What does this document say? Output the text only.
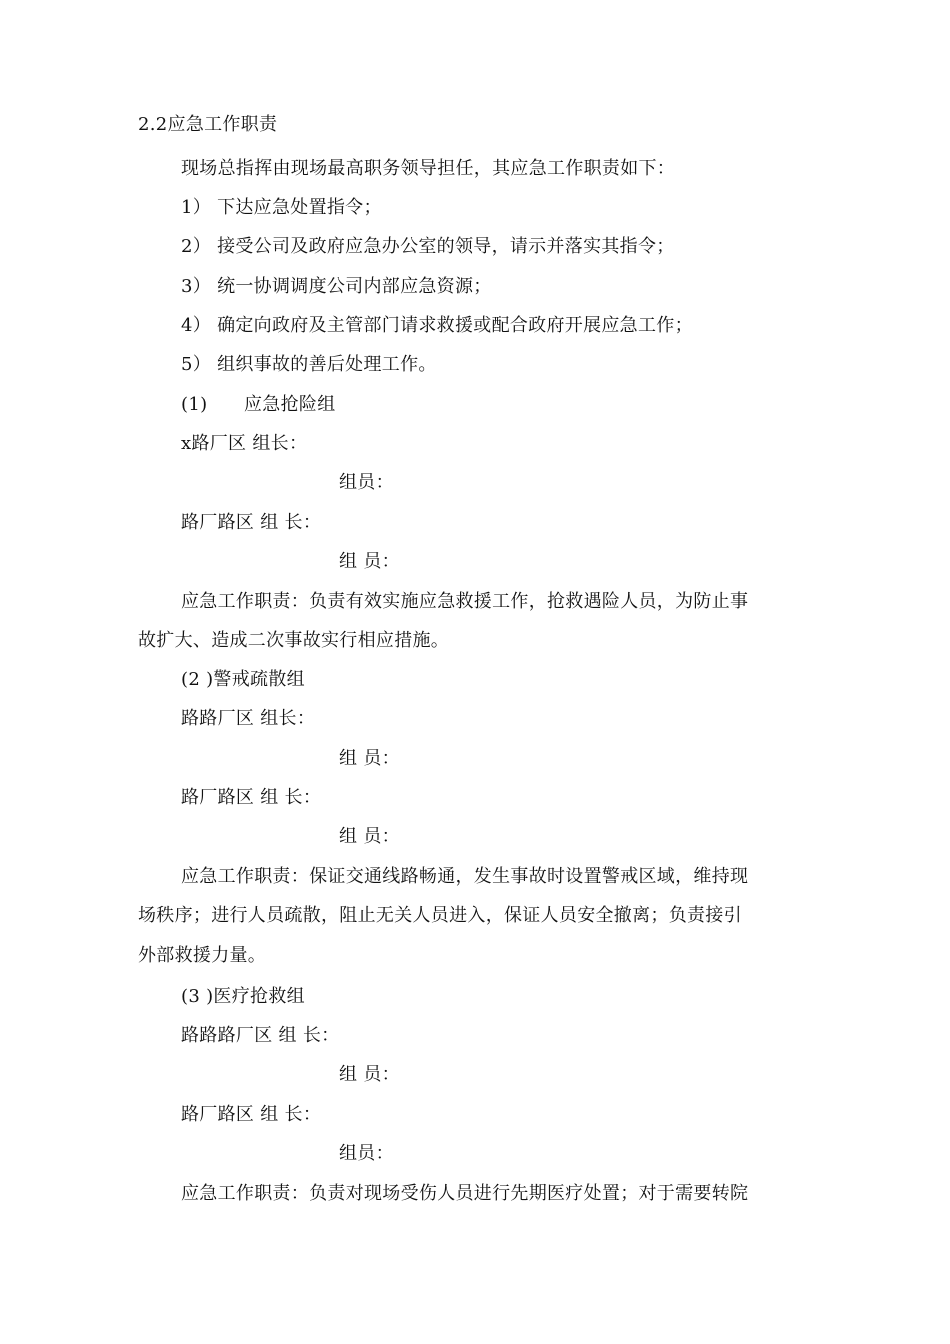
2.2应急工作职责
现场总指挥由现场最高职务领导担任，其应急工作职责如下：
1） 下达应急处置指令；
2） 接受公司及政府应急办公室的领导，请示并落实其指令；
3） 统一协调调度公司内部应急资源；
4） 确定向政府及主管部门请求救援或配合政府开展应急工作；
5） 组织事故的善后处理工作。
(1)　　应急抢险组
x路厂区 组长：
组员：
路厂路区 组 长：
组 员：
应急工作职责：负责有效实施应急救援工作，抢救遇险人员，为防止事
故扩大、造成二次事故实行相应措施。
(2 )警戒疏散组
路路厂区 组长：
组 员：
路厂路区 组 长：
组 员：
应急工作职责：保证交通线路畅通，发生事故时设置警戒区域，维持现
场秩序；进行人员疏散，阻止无关人员进入，保证人员安全撤离；负责接引
外部救援力量。
(3 )医疗抢救组
路路路厂区 组 长：
组 员：
路厂路区 组 长：
组员：
应急工作职责：负责对现场受伤人员进行先期医疗处置；对于需要转院
